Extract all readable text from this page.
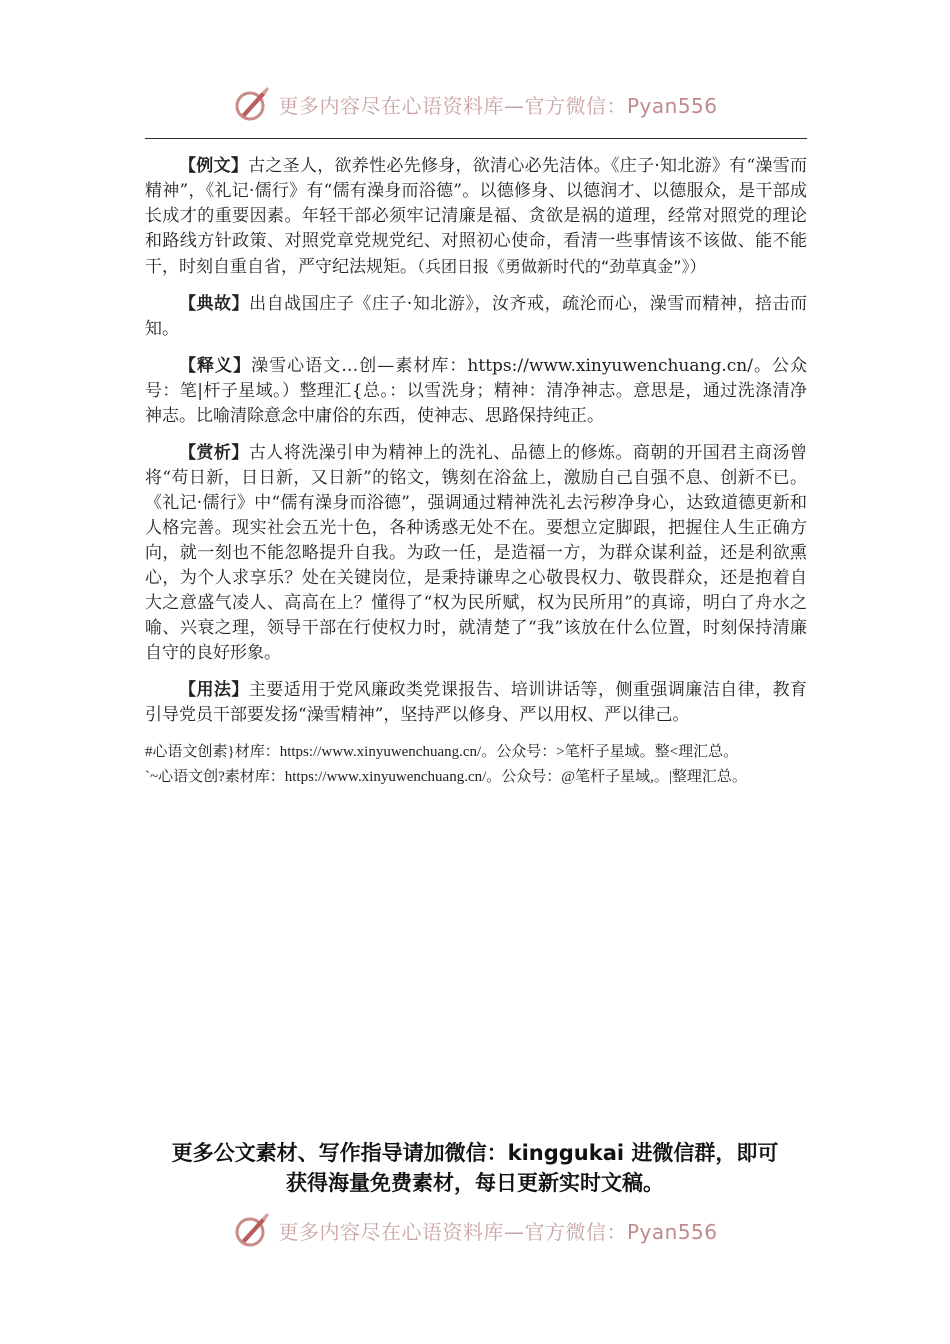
更多内容尽在心语资料库—官方微信：Pyan556

【例文】古之圣人，欲养性必先修身，欲清心必先洁体。《庄子·知北游》有“澡雪而精神”，《礼记·儒行》有“儒有澡身而浴德”。以德修身、以德润才、以德服众，是干部成长成才的重要因素。年轻干部必须牢记清廉是福、贪欲是祸的道理，经常对照党的理论和路线方针政策、对照党章党规党纪、对照初心使命，看清一些事情该不该做、能不能干，时刻自重自省，严守纪法规矩。（兵团日报《勇做新时代的“劲草真金”》）

【典故】出自战国庄子《庄子·知北游》，汝齐戒，疏沦而心，澡雪而精神，掊击而知。

【释义】澡雪心语文…创—素材库：https://www.xinyuwenchuang.cn/。公众号：笔|杆子星域。）整理汇{总。：以雪洗身；精神：清净神志。意思是，通过洗涤清净神志。比喻清除意念中庸俗的东西，使神志、思路保持纯正。

【赏析】古人将洗澡引申为精神上的洗礼、品德上的修炼。商朝的开国君主商汤曾将“苟日新，日日新，又日新”的铭文，镌刻在浴盆上，激励自己自强不息、创新不已。《礼记·儒行》中“儒有澡身而浴德”，强调通过精神洗礼去污秽净身心，达致道德更新和人格完善。现实社会五光十色，各种诱惑无处不在。要想立定脚跟，把握住人生正确方向，就一刻也不能忽略提升自我。为政一任，是造福一方，为群众谋利益，还是利欲熏心，为个人求享乐？处在关键岗位，是秉持谦卑之心敬畏权力、敬畏群众，还是抱着自大之意盛气凌人、高高在上？懂得了“权为民所赋，权为民所用”的真谛，明白了舟水之喻、兴衰之理，领导干部在行使权力时，就清楚了“我”该放在什么位置，时刻保持清廉自守的良好形象。

【用法】主要适用于党风廉政类党课报告、培训讲话等，侧重强调廉洁自律，教育引导党员干部要发扬“澡雪精神”，坚持严以修身、严以用权、严以律己。

#心语文创素}材库：https://www.xinyuwenchuang.cn/。公众号：>笔杆子星域。整<理汇总。

`~心语文创?素材库：https://www.xinyuwenchuang.cn/。公众号：@笔杆子星域,。|整理汇总。

更多公文素材、写作指导请加微信：kinggukai 进微信群，即可
获得海量免费素材，每日更新实时文稿。
更多内容尽在心语资料库—官方微信：Pyan556
